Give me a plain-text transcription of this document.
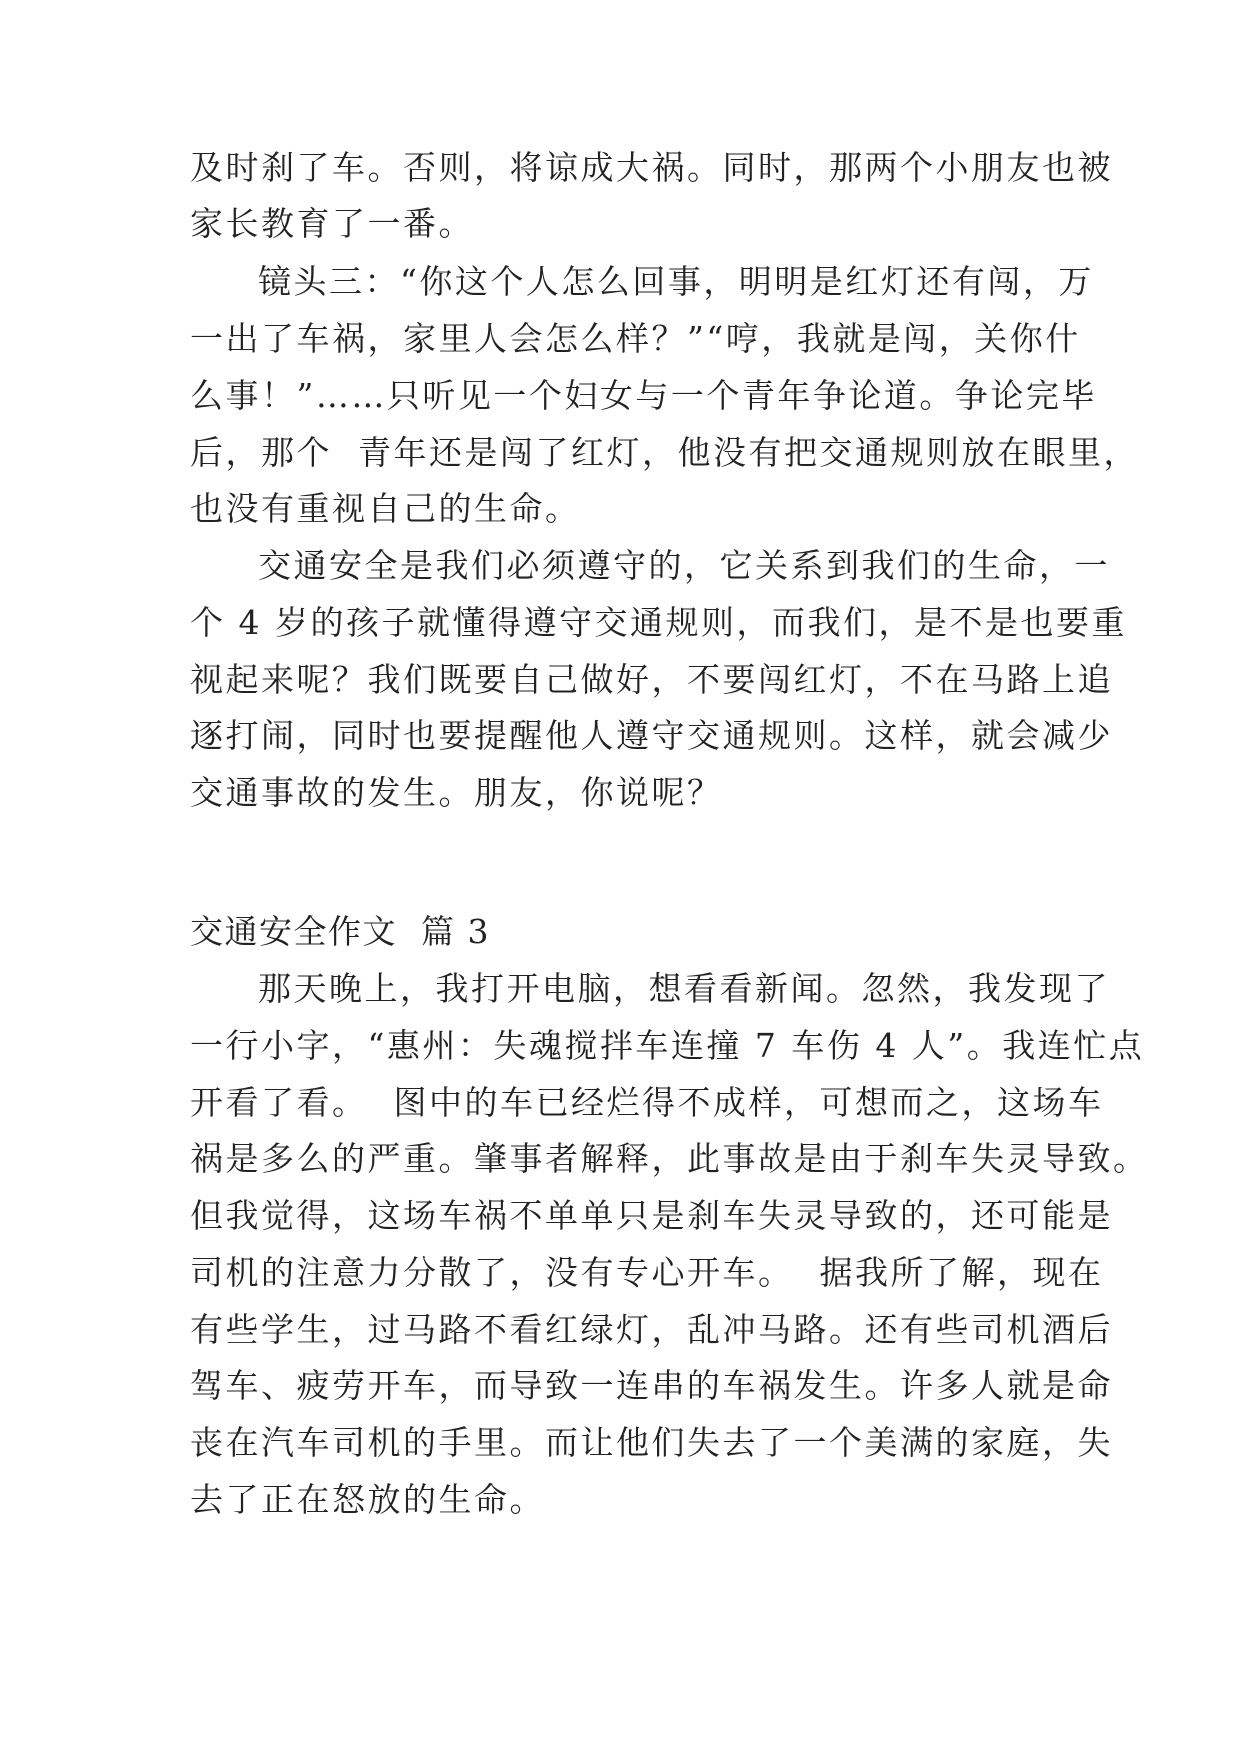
及时刹了车。否则，将谅成大祸。同时，那两个小朋友也被
家长教育了一番。
镜头三：“你这个人怎么回事，明明是红灯还有闯，万
一出了车祸，家里人会怎么样？”“哼，我就是闯，关你什
么事！”……只听见一个妇女与一个青年争论道。争论完毕
后，那个  青年还是闯了红灯，他没有把交通规则放在眼里，
也没有重视自己的生命。
交通安全是我们必须遵守的，它关系到我们的生命，一
个 4 岁的孩子就懂得遵守交通规则，而我们，是不是也要重
视起来呢？我们既要自己做好，不要闯红灯，不在马路上追
逐打闹，同时也要提醒他人遵守交通规则。这样，就会减少
交通事故的发生。朋友，你说呢？
交通安全作文  篇 3
那天晚上，我打开电脑，想看看新闻。忽然，我发现了
一行小字，“惠州：失魂搅拌车连撞 7 车伤 4 人”。我连忙点
开看了看。  图中的车已经烂得不成样，可想而之，这场车
祸是多么的严重。肇事者解释，此事故是由于刹车失灵导致。
但我觉得，这场车祸不单单只是刹车失灵导致的，还可能是
司机的注意力分散了，没有专心开车。  据我所了解，现在
有些学生，过马路不看红绿灯，乱冲马路。还有些司机酒后
驾车、疲劳开车，而导致一连串的车祸发生。许多人就是命
丧在汽车司机的手里。而让他们失去了一个美满的家庭，失
去了正在怒放的生命。
